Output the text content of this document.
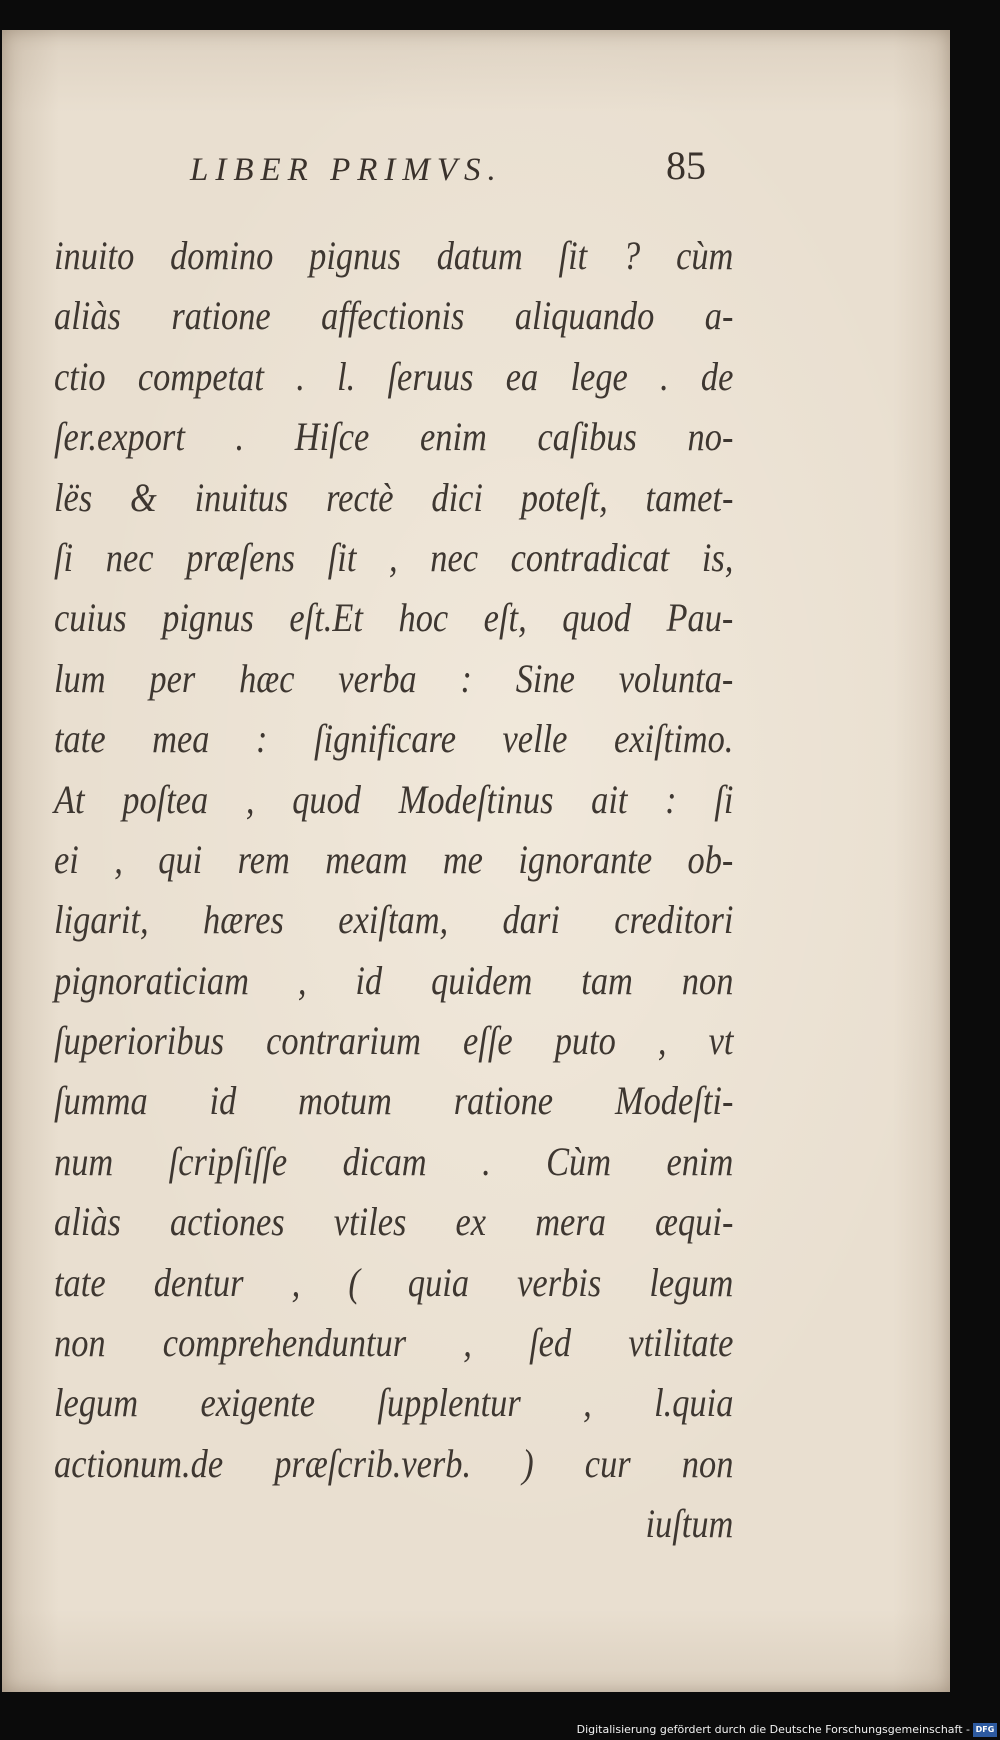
LIBER PRIMVS.	85
inuito domino pignus datum ſit ? cùm
aliàs ratione affectionis aliquando a-
ctio competat . l. ſeruus ea lege . de
ſer.export . Hiſce enim caſibus no-
lës & inuitus rectè dici poteſt, tamet-
ſi nec præſens ſit , nec contradicat is,
cuius pignus eſt.Et hoc eſt, quod Pau-
lum per hæc verba : Sine volunta-
tate mea : ſignificare velle exiſtimo.
At poſtea , quod Modeſtinus ait : ſi
ei , qui rem meam me ignorante ob-
ligarit, hæres exiſtam, dari creditori
pignoraticiam , id quidem tam non
ſuperioribus contrarium eſſe puto , vt
ſumma id motum ratione Modeſti-
num ſcripſiſſe dicam . Cùm enim
aliàs actiones vtiles ex mera æqui-
tate dentur , ( quia verbis legum
non comprehenduntur , ſed vtilitate
legum exigente ſupplentur , l.quia
actionum.de præſcrib.verb. ) cur non
iuſtum
Digitalisierung gefördert durch die Deutsche Forschungsgemeinschaft - DFG
